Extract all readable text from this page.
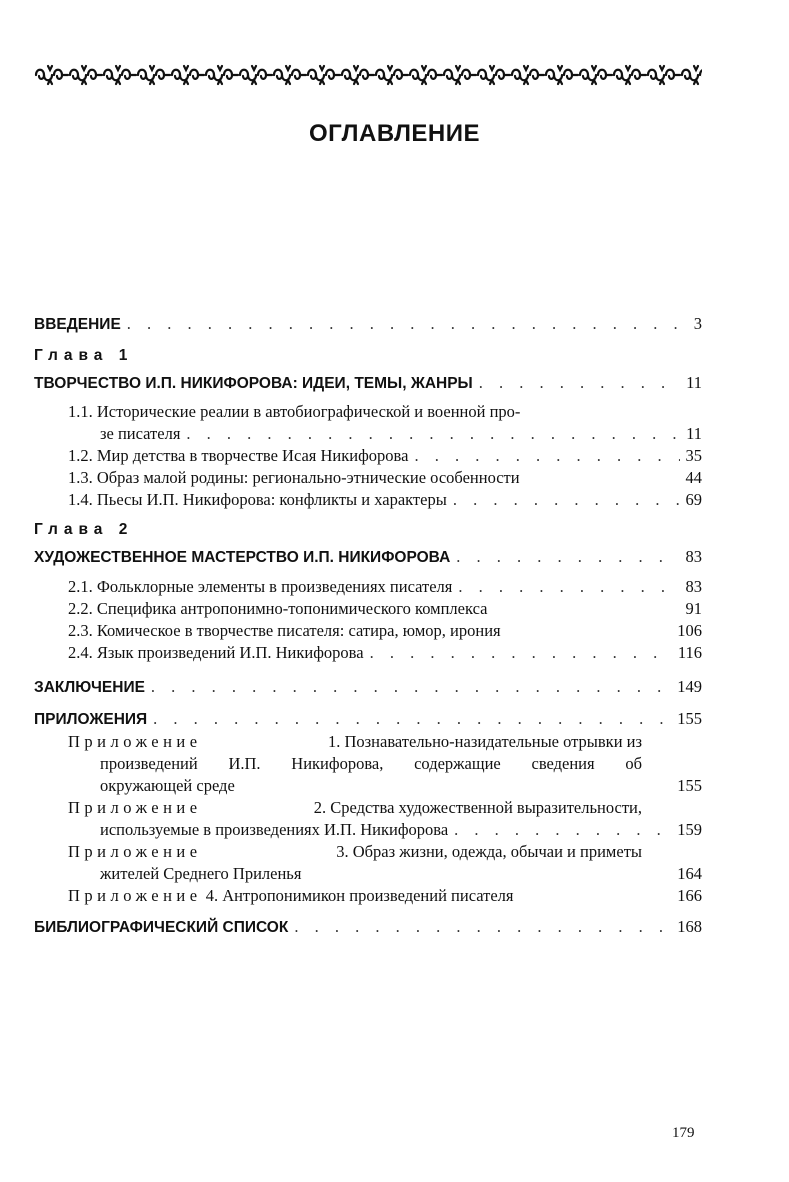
ОГЛАВЛЕНИЕ
ВВЕДЕНИЕ . . .	3
Глава 1
ТВОРЧЕСТВО И.П. НИКИФОРОВА: ИДЕИ, ТЕМЫ, ЖАНРЫ . . .	11
1.1. Исторические реалии в автобиографической и военной про-
зе писателя . . .	11
1.2. Мир детства в творчестве Исая Никифорова . . .	35
1.3. Образ малой родины: регионально-этнические особенности	44
1.4. Пьесы И.П. Никифорова: конфликты и характеры . . .	69
Глава 2
ХУДОЖЕСТВЕННОЕ МАСТЕРСТВО И.П. НИКИФОРОВА . . .	83
2.1. Фольклорные элементы в произведениях писателя . . .	83
2.2. Специфика антропонимно-топонимического комплекса	91
2.3. Комическое в творчестве писателя: сатира, юмор, ирония	106
2.4. Язык произведений И.П. Никифорова . . .	116
ЗАКЛЮЧЕНИЕ . . .	149
ПРИЛОЖЕНИЯ . . .	155
Приложение	1. Познавательно-назидательные отрывки из
произведений И.П. Никифорова, содержащие сведения об
окружающей среде	155
Приложение	2. Средства художественной выразительности,
используемые в произведениях И.П. Никифорова . . .	159
Приложение	3. Образ жизни, одежда, обычаи и приметы
жителей Среднего Приленья	164
Приложение 4. Антропонимикон произведений писателя	166
БИБЛИОГРАФИЧЕСКИЙ СПИСОК . . .	168
179
